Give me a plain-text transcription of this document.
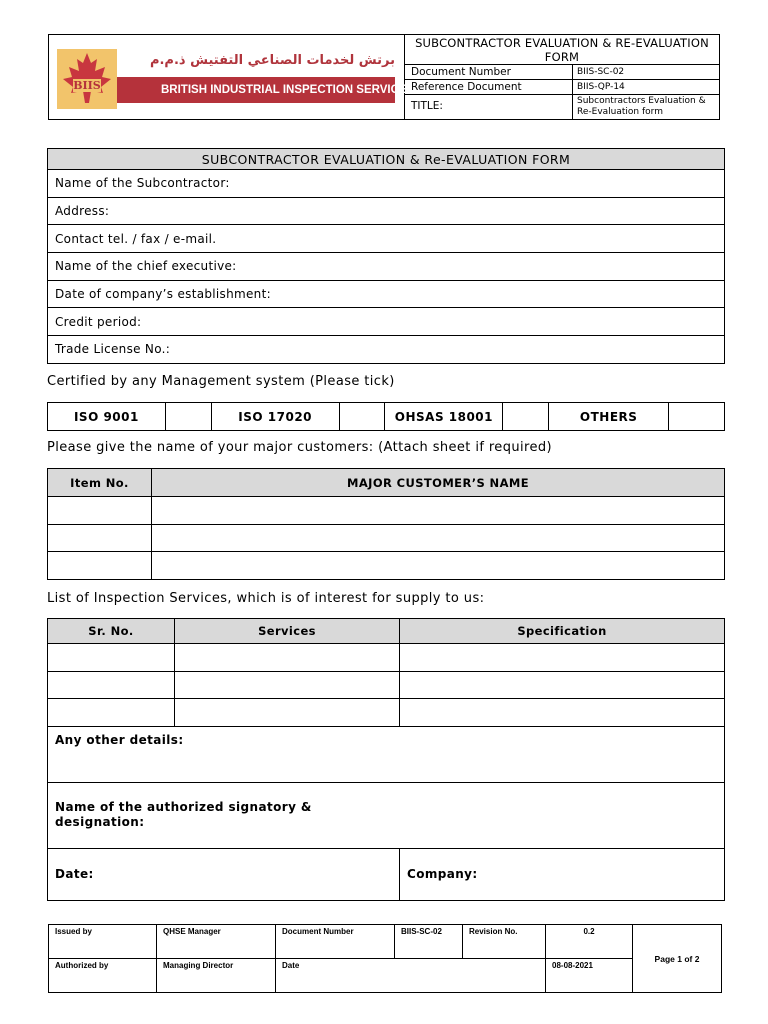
BIIS
برتش لخدمات الصناعي التفتيش ذ.م.م
BRITISH INDUSTRIAL INSPECTION SERVICES L.L.C.
SUBCONTRACTOR EVALUATION & RE-EVALUATION FORM
Document Number	BIIS-SC-02
Reference Document	BIIS-QP-14
TITLE:	Subcontractors Evaluation & Re-Evaluation form
SUBCONTRACTOR EVALUATION & Re-EVALUATION FORM
Name of the Subcontractor:
Address:
Contact tel. / fax / e-mail.
Name of the chief executive:
Date of company’s establishment:
Credit period:
Trade License No.:
Certified by any Management system (Please tick)
ISO 9001		ISO 17020		OHSAS 18001		OTHERS	
Please give the name of your major customers: (Attach sheet if required)
Item No.	MAJOR CUSTOMER’S NAME

List of Inspection Services, which is of interest for supply to us:
Sr. No.	Services	Specification

Any other details:		

Name of the authorized signatory & designation:		

Date:		Company:
Issued by	QHSE Manager	Document Number	BIIS-SC-02	Revision No.	0.2	Page 1 of 2
Authorized by	Managing Director	Date			08-08-2021	
